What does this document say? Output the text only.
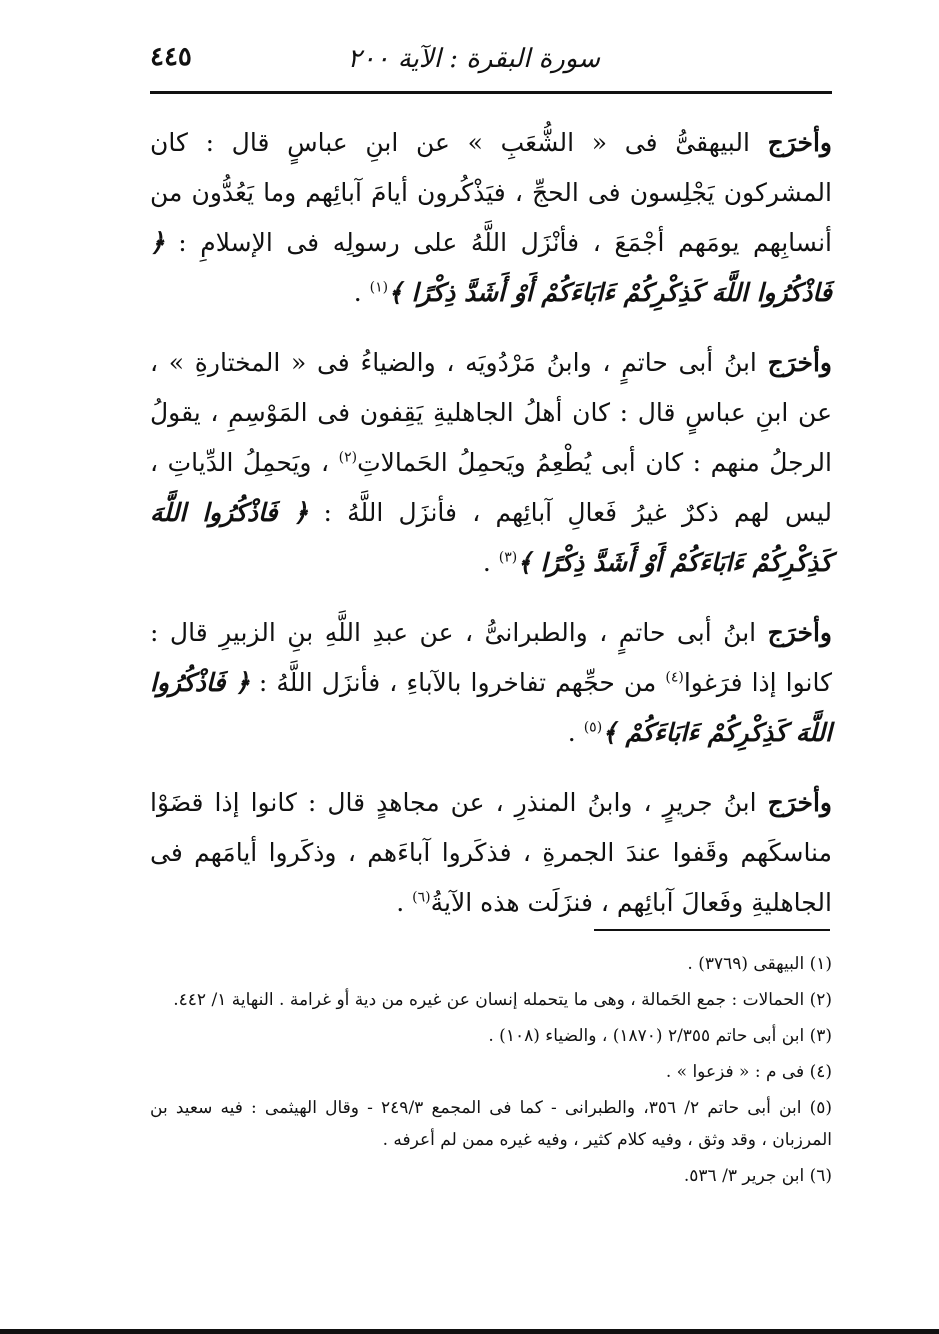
٤٤٥	سورة البقرة : الآية ٢٠٠

وأخرَج البيهقىُّ فى « الشُّعَبِ » عن ابنِ عباسٍ قال : كان المشركون يَجْلِسون فى الحجِّ ، فيَذْكُرون أيامَ آبائِهم وما يَعُدُّون من أنسابِهم يومَهم أجْمَعَ ، فأنْزَل اللَّهُ على رسولِه فى الإسلامِ : ﴿ فَاذْكُرُوا اللَّهَ كَذِكْرِكُمْ ءَابَاءَكُمْ أَوْ أَشَدَّ ذِكْرًا ﴾$^{(١)}$ .

وأخرَج ابنُ أبى حاتمٍ ، وابنُ مَرْدُويَه ، والضياءُ فى « المختارةِ » ، عن ابنِ عباسٍ قال : كان أهلُ الجاهليةِ يَقِفون فى المَوْسِمِ ، يقولُ الرجلُ منهم : كان أبى يُطْعِمُ ويَحمِلُ الحَمالاتِ$^{(٢)}$ ، ويَحمِلُ الدِّياتِ ، ليس لهم ذكرٌ غيرُ فَعالِ آبائِهم ، فأنزَل اللَّهُ : ﴿ فَاذْكُرُوا اللَّهَ كَذِكْرِكُمْ ءَابَاءَكُمْ أَوْ أَشَدَّ ذِكْرًا ﴾$^{(٣)}$ .

وأخرَج ابنُ أبى حاتمٍ ، والطبرانىُّ ، عن عبدِ اللَّهِ بنِ الزبيرِ قال : كانوا إذا فرَغوا$^{(٤)}$ من حجِّهم تفاخروا بالآباءِ ، فأنزَل اللَّهُ : ﴿ فَاذْكُرُوا اللَّهَ كَذِكْرِكُمْ ءَابَاءَكُمْ ﴾$^{(٥)}$ .

وأخرَج ابنُ جريرٍ ، وابنُ المنذرِ ، عن مجاهدٍ قال : كانوا إذا قضَوْا مناسكَهم وقَفوا عندَ الجمرةِ ، فذكَروا آباءَهم ، وذكَروا أيامَهم فى الجاهليةِ وفَعالَ آبائِهم ، فنزَلَت هذه الآيةُ$^{(٦)}$ .

(١) البيهقى (٣٧٦٩) .

(٢) الحمالات : جمع الحَمالة ، وهى ما يتحمله إنسان عن غيره من دية أو غرامة . النهاية ١/ ٤٤٢.

(٣) ابن أبى حاتم ٢/٣٥٥ (١٨٧٠) ، والضياء (١٠٨) .

(٤) فى م : « فزعوا » .

(٥) ابن أبى حاتم ٢/ ٣٥٦، والطبرانى - كما فى المجمع ٢٤٩/٣ - وقال الهيثمى : فيه سعيد بن المرزبان ، وقد وثق ، وفيه كلام كثير ، وفيه غيره ممن لم أعرفه .

(٦) ابن جرير ٣/ ٥٣٦.
